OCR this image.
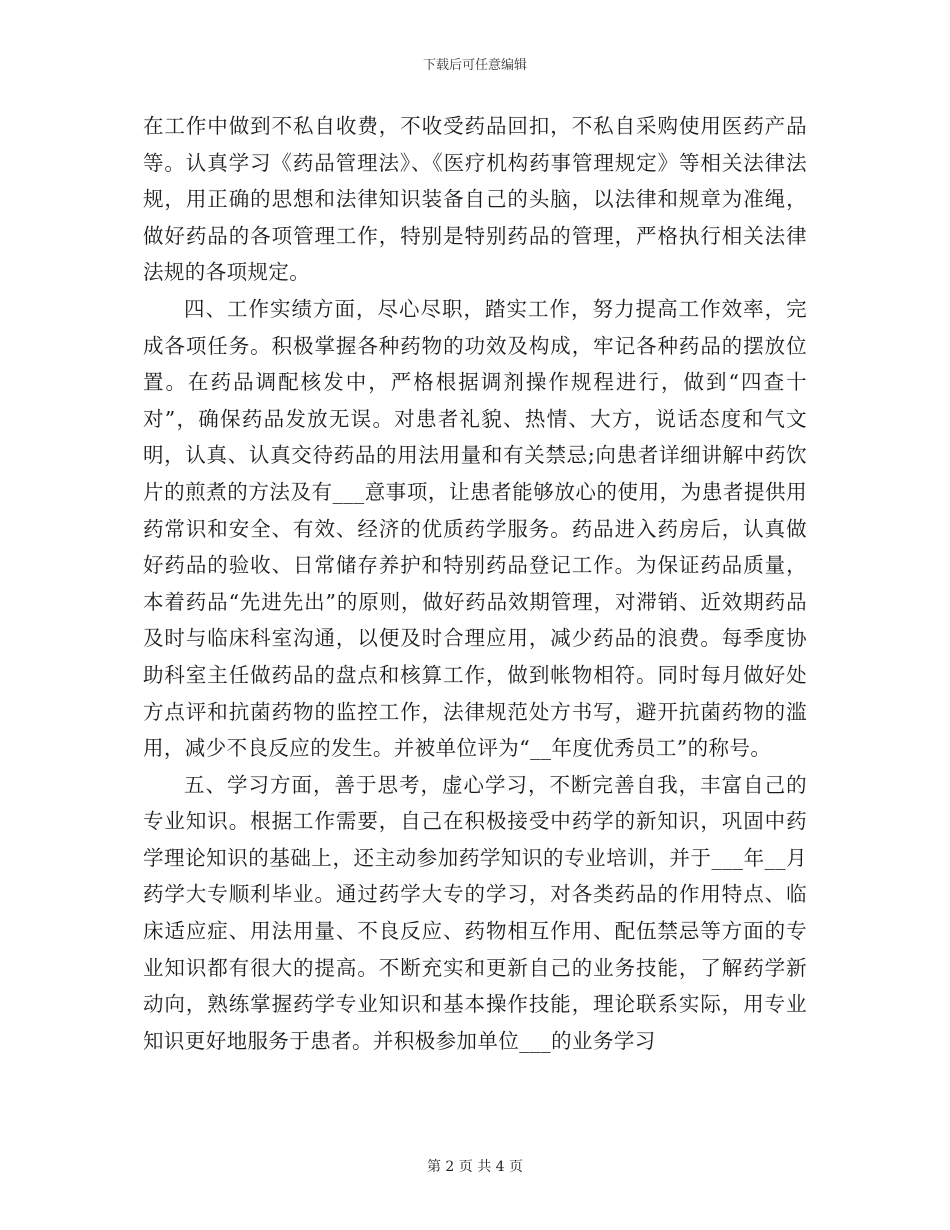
下载后可任意编辑

在工作中做到不私自收费，不收受药品回扣，不私自采购使用医药产品等。认真学习《药品管理法》、《医疗机构药事管理规定》等相关法律法规，用正确的思想和法律知识装备自己的头脑，以法律和规章为准绳，做好药品的各项管理工作，特别是特别药品的管理，严格执行相关法律法规的各项规定。

四、工作实绩方面，尽心尽职，踏实工作，努力提高工作效率，完成各项任务。积极掌握各种药物的功效及构成，牢记各种药品的摆放位置。在药品调配核发中，严格根据调剂操作规程进行，做到“四查十对”，确保药品发放无误。对患者礼貌、热情、大方，说话态度和气文明，认真、认真交待药品的用法用量和有关禁忌;向患者详细讲解中药饮片的煎煮的方法及有___意事项，让患者能够放心的使用，为患者提供用药常识和安全、有效、经济的优质药学服务。药品进入药房后，认真做好药品的验收、日常储存养护和特别药品登记工作。为保证药品质量，本着药品“先进先出”的原则，做好药品效期管理，对滞销、近效期药品及时与临床科室沟通，以便及时合理应用，减少药品的浪费。每季度协助科室主任做药品的盘点和核算工作，做到帐物相符。同时每月做好处方点评和抗菌药物的监控工作，法律规范处方书写，避开抗菌药物的滥用，减少不良反应的发生。并被单位评为“__年度优秀员工”的称号。

五、学习方面，善于思考，虚心学习，不断完善自我，丰富自己的专业知识。根据工作需要，自己在积极接受中药学的新知识，巩固中药学理论知识的基础上，还主动参加药学知识的专业培训，并于___年__月药学大专顺利毕业。通过药学大专的学习，对各类药品的作用特点、临床适应症、用法用量、不良反应、药物相互作用、配伍禁忌等方面的专业知识都有很大的提高。不断充实和更新自己的业务技能，了解药学新动向，熟练掌握药学专业知识和基本操作技能，理论联系实际，用专业知识更好地服务于患者。并积极参加单位___的业务学习

第 2 页 共 4 页
